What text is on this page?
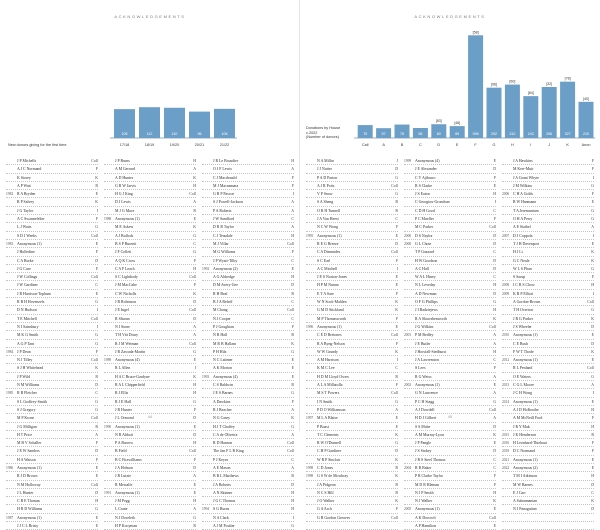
ACKNOWLEDGEMENTS
105
17/18
112
18/19
110
19/20
96
20/21
106
21/22
New donors giving for the first time
J P Michells	Coll
A J C Normand	F
K Storey	K
A P Watt	B
1982 R A Bryden	E
R P Salvey	K
J G Taylor	I
A C Swannefelter	F
L J Watts	G
S D J Weeks	Coll
1983 Anonymous (1)	E
J Holledine	F
C A Burke	D
J G Cure	F
J W Collings	Coll
J W Gardiner	C
J R Harrison-Topham	E
R B H Hovenzels	G
D N Hudson	I
T E Mitchell	Coll
N I Sainsbury	I
M K G Smith	G
A G P Tant	G
1984 J P Dean	F
N J Tilley	Coll
S J H Whitehead	K
J P Wild	B
N M Williams	D
1985 R B Fletcher	C
S L Godfrey-Smith	G
S J Gregory	G
M P Krone	Coll
J G Milligan	B
H T Price	A
M B V Schaller	F
J E W Sanders	D
H A Watson	F
1986 Anonymous (1)	E
R J D Brown	E
N M Holloway	Coll
J L Hunter	D
C R E Thomas	H
H R D Williams	G
1987 Anonymous (1)	E
J J C L Bristy	E
J P Burns	H
A M Gerrard	A
A D Hunter	K
G R W Jarvis	H
H G J King	Coll
D J Lewis	A
M J G Mace	B
1988 Anonymous (1)	E
M E Askew	K
A J Bullock	G
B S P Burnett	C
J F Collett	G
A Q K Cross	F
C A F Leach	H
S C Lightbody	Coll
J M MacCabe	F
C W Nicholls	K
J R Robinson	D
J E Ingel	Coll
R Shuran	D
N I Stone	A
T H Vitt Drury	A
R J M Wetman	Coll
J R Zawada-Martin	G
1989 Anonymous (4)	E
R L Allen	I
H A C Bruce-Gardyne	K
R A L Chipperfield	H
R J Ellis	H
R J E Hall	G
J R Hunter	F
J L Ormond	D
1990 Anonymous (1)	E
N R Abbott	D
P A Barrow	H
B Field	Coll
B C Fitzwilliams	F
J A Hobson	D
J R Lutzie	A
R Metcalfe	E
1991 Anonymous (1)	E
J M Pegg	H
L Crane	A
N J Doreleth	G
H P Kooyman	B
J R Le Bousdier	H
O J F Lewis	A
C J Macdonald	F
M J Macnamara	F
G R P Pascoe	I
S J Powell-Jackson	A
P A Roberts	A
J W Sandford	C
D R R Taylor	A
C J Teasdale	H
M J Villar	Coll
M G Williams	F
J P Wyatt-Tilby	C
1992 Anonymous (2)	E
A G Aldredge	H
D M Avery-Gee	D
R H Beal	B
B J A Behrff	C
M Chang	Coll
N J Cooper	C
P J Goughian	F
N R Hall	B
M R B Hallam	K
P H Hilz	G
N C Latimer	E
A K Morton	E
1993 Anonymous (4)	E
C S Baldwin	B
J E S Barnes	G
A Dawkins	F
R J Beacher	A
N G Casey	K
H J T Chaffey	G
C A de Oliveira	A
R D Hanson	Coll
The Jan F L R King	Coll
P J Keyes	C
A E Mason	A
B R L Matthews	B
J A Roberts	D
A N Skinner	H
J G C Thomas	H
1994 S G Burns	H
N A Clark	I
A J M Poulter	G
44
ACKNOWLEDGEMENTS
75
Call
57
A
78
B
58
C
80
[83]
D
69
[48]
E
596
[58]
F
292
[96]
G
310
[60]
H
243
[84]
I
296
[32]
J
327
[78]
K
210
[40]
Anon
Donations by House
c.2022
(Number of donors)
N A Millar	J
J J Nutter	D
P A D Parton	G
A J R Potts	Coll
V P Snow	G
S A Sheng	B
O R H Tunnell	B
J A Van Heest	C
N C W Wong	F
1995 Anonymous (1)	E
R E G Breeze	D
C A Dimmides	Coll
S C Earl	F
A C Mitchell	I
J E S Norton-Jones	E
H P M Nunan	E
E T A Sare	F
W N Scott-Malden	K
G M D Stickland	K
M P Thomasworth	F
1996 Anonymous (1)	E
C E D Bretones	Coll
R A Byng-Nelson	F
W W Grundy	K
A M Harrison	I
K M C Lee	C
H D M Lloyd Owen	B
A L A Millatolla	F
M S T Powers	Coll
I N Smith	G
P D O Williamson	A
1997 M L A Blaise	E
P Boast	E
T C Clements	K
R W O'Donnell	G
C H P Gardiner	D
W R P Sinclair	K
1998 C D Jones	B
1998 G S W de Mowbray	K
J A Pidgeon	B
N C S Hill	B
J O Walker	K
G A Arch	F
G B Gordon Greaves	Coll
1999 Anonymous (4)	E
J E Alexander	D
C V Ajibawo	F
R S Clarke	E
J S Eaton	H
C Georgiou-Grondsan	I
C D H Good	C
P C Mueller	F
M C Parker	Coll
2000 D S Naylor	D
2000 G L Chote	D
T P Gazzard	C
H W Goodson	D
A C Hall	D
W A L Hiney	C
N L Leveday	H
A D Newman	D
O F G Phillips	G
J I Radziejews	H
R A Shawsbenworth	K
J G Wilkins	Coll
2001 P M Bedley	A
J E Butler	A
J Horsfall-Stedhurst	H
J A Lawremton	C
S Lees	F
R G Weiss	A
2002 Anonymous (1)	E
G N Lawrence	A
P C H Stagg	G
A J Dowdell	Coll
H D J Gilbert	A
S S Mobe	D
A M Murray-Lyon	K
J P Pangle	E
J S Stokey	D
J R S Steel Thomas	C
2004 R R Baker	C
P R Clarke Taylor	F
M D R Hleman	F
N J P Smith	H
N J Walker	K
2005 Anonymous (1)	E
A K Dorcroft	Coll
A P Hamilton	E
J A Hawkins	F
M Kerr-Muir	F
J A Grant Whyte	I
J M Wilkins	G
2006 C H A Golds	F
R W Hanmann	E
T A Jeremantum	G
O H A Perry	G
A E Staibel	A
2007 D J Coppola	I
T J H Davenport	E
H J Li	K
G C Neale	K
W L S Phan	G
S Sarup	F
2008 I C R S Chow	H
2009 K R P Elliott	I
A Gordon-Brown	Coll
T H Overton	G
J R G Parker	K
J S Wheeler	D
2010 Anonymous (1)	E
C E Bush	D
F W T Thode	K
2012 Anonymous (1)	E
R L Penland	Coll
O E Waters	G
2013 C G L Moore	A
J C H Wong	I
2014 Anonymous (1)	E
A J D Holbrothe	H
A M McNeill Ford	F
J R Y Mak	H
2015 J K Henderson	B
2016 H Leonhard-Thiebaut	F
2018 D C Normand	F
2021 Anonymous (1)	E
2022 Anonymous (2)	E
T M I Atkinson	H
M W Barnes	D
E J Carr	C
A Subramanian	K
N J Panaguitan	D
45
